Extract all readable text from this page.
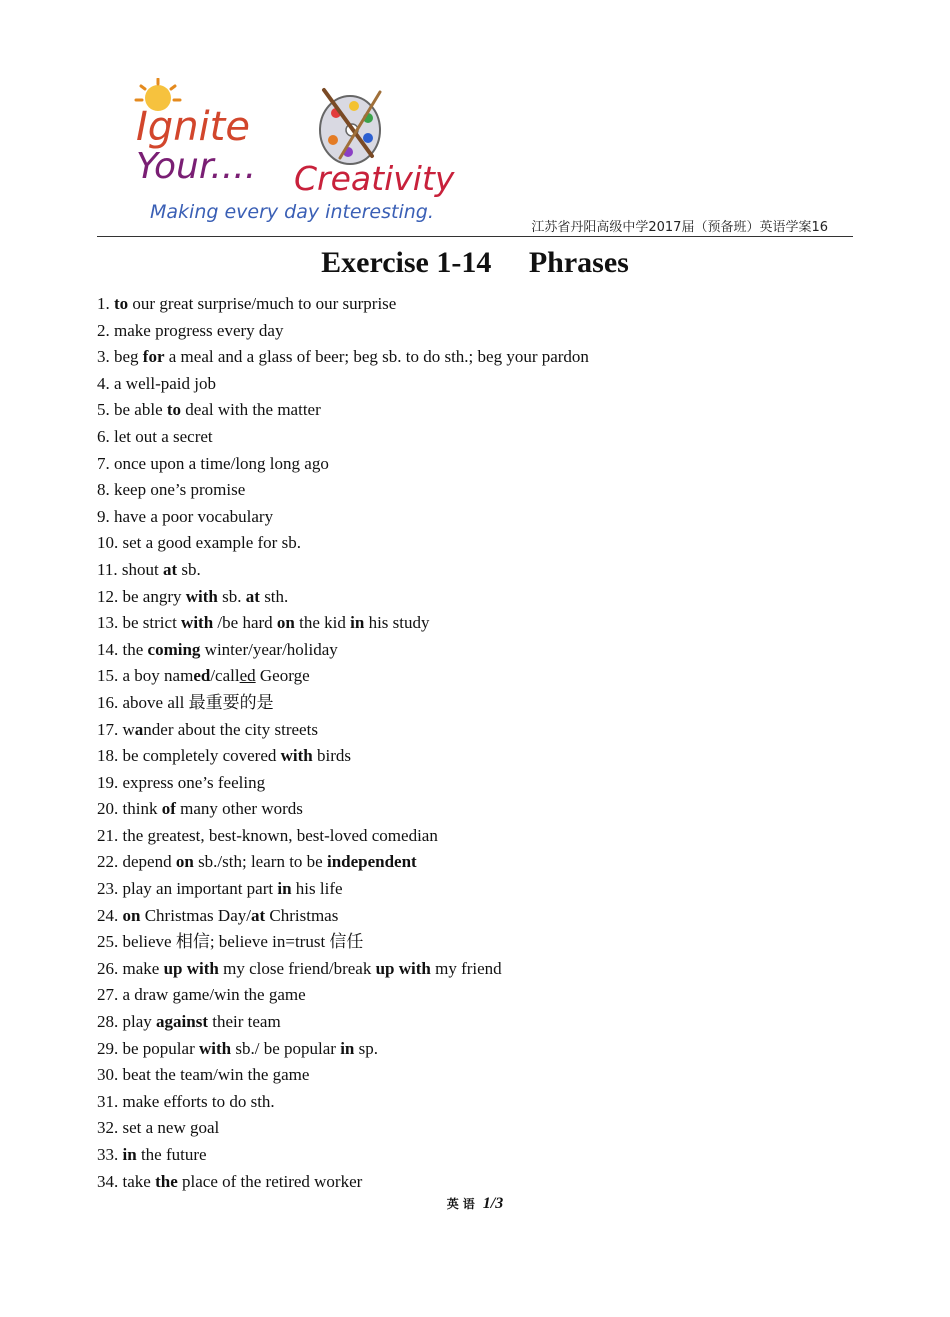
Ignite
Your.... Creativity
Making every day interesting.
江苏省丹阳高级中学2017届（预备班）英语学案16
Exercise 1-14     Phrases
1. to our great surprise/much to our surprise
2. make progress every day
3. beg for a meal and a glass of beer; beg sb. to do sth.; beg your pardon
4. a well-paid job
5. be able to deal with the matter
6. let out a secret
7. once upon a time/long long ago
8. keep one’s promise
9. have a poor vocabulary
10. set a good example for sb.
11. shout at sb.
12. be angry with sb. at sth.
13. be strict with /be hard on the kid in his study
14. the coming winter/year/holiday
15. a boy named/called George
16. above all 最重要的是
17. wander about the city streets
18. be completely covered with birds
19. express one’s feeling
20. think of many other words
21. the greatest, best-known, best-loved comedian
22. depend on sb./sth; learn to be independent
23. play an important part in his life
24. on Christmas Day/at Christmas
25. believe 相信; believe in=trust 信任
26. make up with my close friend/break up with my friend
27. a draw game/win the game
28. play against their team
29. be popular with sb./ be popular in sp.
30. beat the team/win the game
31. make efforts to do sth.
32. set a new goal
33. in the future
34. take the place of the retired worker
英语 1/3
